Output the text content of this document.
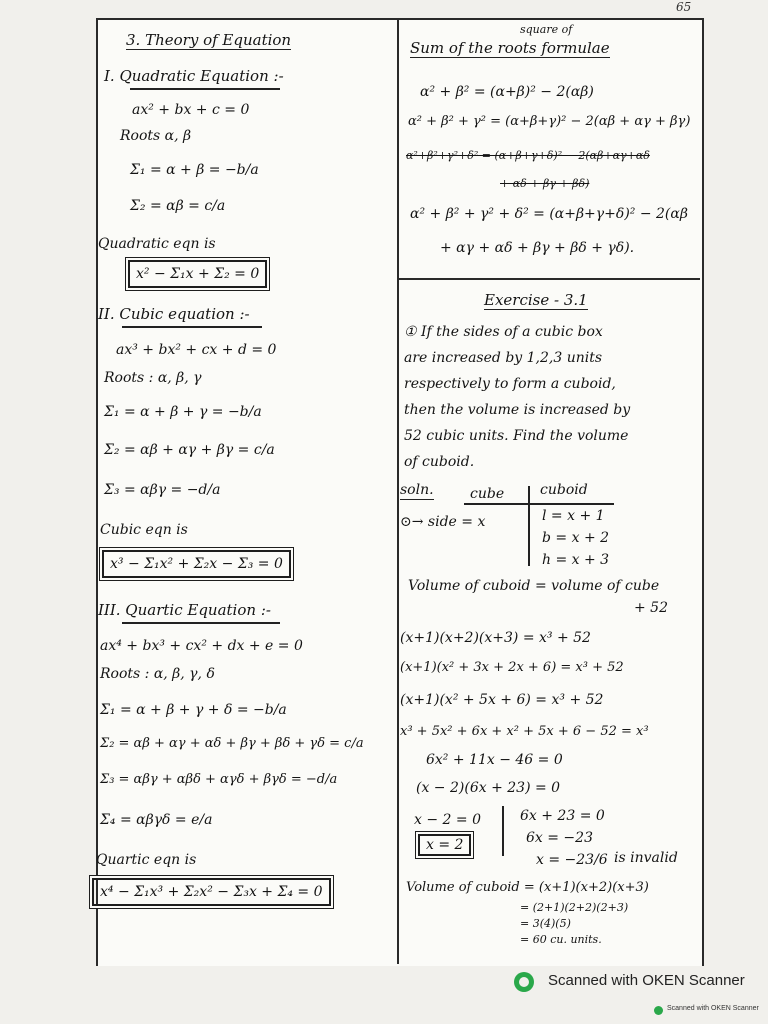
65
3. Theory of Equation
I. Quadratic Equation :-
ax² + bx + c = 0
Roots α, β
Σ₁ = α + β = −b/a
Σ₂ = αβ = c/a
Quadratic eqn is
x² − Σ₁x + Σ₂ = 0
II. Cubic equation :-
ax³ + bx² + cx + d = 0
Roots : α, β, γ
Σ₁ = α + β + γ = −b/a
Σ₂ = αβ + αγ + βγ = c/a
Σ₃ = αβγ = −d/a
Cubic eqn is
x³ − Σ₁x² + Σ₂x − Σ₃ = 0
III. Quartic Equation :-
ax⁴ + bx³ + cx² + dx + e = 0
Roots : α, β, γ, δ
Σ₁ = α + β + γ + δ = −b/a
Σ₂ = αβ + αγ + αδ + βγ + βδ + γδ = c/a
Σ₃ = αβγ + αβδ + αγδ + βγδ = −d/a
Σ₄ = αβγδ = e/a
Quartic eqn is
x⁴ − Σ₁x³ + Σ₂x² − Σ₃x + Σ₄ = 0
square of
Sum of the roots formulae
α² + β² = (α+β)² − 2(αβ)
α² + β² + γ² = (α+β+γ)² − 2(αβ + αγ + βγ)
α²+β²+γ²+δ² = (α+β+γ+δ)² − 2(αβ+αγ+αδ
+ αδ + βγ + βδ)
α² + β² + γ² + δ² = (α+β+γ+δ)² − 2(αβ
+ αγ + αδ + βγ + βδ + γδ).
Exercise - 3.1
① If the sides of a cubic box
are increased by 1,2,3 units
respectively to form a cuboid,
then the volume is increased by
52 cubic units. Find the volume
of cuboid.
soln.	cube	cuboid
⊙→ side = x	l = x + 1
b = x + 2
h = x + 3
Volume of cuboid = volume of cube
+ 52
(x+1)(x+2)(x+3) = x³ + 52
(x+1)(x² + 3x + 2x + 6) = x³ + 52
(x+1)(x² + 5x + 6) = x³ + 52
x³ + 5x² + 6x + x² + 5x + 6 − 52 = x³
6x² + 11x − 46 = 0
(x − 2)(6x + 23) = 0
x − 2 = 0
x = 2
6x + 23 = 0
6x = −23
x = −23/6 is invalid
Volume of cuboid = (x+1)(x+2)(x+3)
= (2+1)(2+2)(2+3)
= 3(4)(5)
= 60 cu. units.
Scanned with OKEN Scanner
Scanned with OKEN Scanner
